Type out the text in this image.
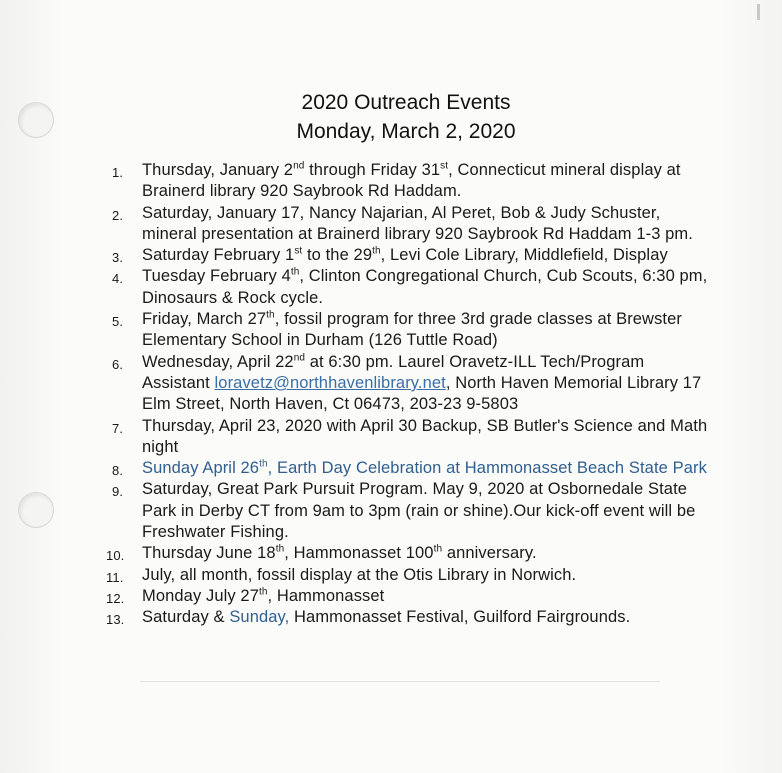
2020 Outreach Events
Monday, March 2, 2020
1. Thursday, January 2nd through Friday 31st, Connecticut mineral display at Brainerd library 920 Saybrook Rd Haddam.
2. Saturday, January 17, Nancy Najarian, Al Peret, Bob & Judy Schuster, mineral presentation at Brainerd library 920 Saybrook Rd Haddam 1-3 pm.
3. Saturday February 1st to the 29th, Levi Cole Library, Middlefield, Display
4. Tuesday February 4th, Clinton Congregational Church, Cub Scouts, 6:30 pm, Dinosaurs & Rock cycle.
5. Friday, March 27th, fossil program for three 3rd grade classes at Brewster Elementary School in Durham (126 Tuttle Road)
6. Wednesday, April 22nd at 6:30 pm. Laurel Oravetz-ILL Tech/Program Assistant loravetz@northhavenlibrary.net, North Haven Memorial Library 17 Elm Street, North Haven, Ct 06473, 203-23 9-5803
7. Thursday, April 23, 2020 with April 30 Backup, SB Butler's Science and Math night
8. Sunday April 26th, Earth Day Celebration at Hammonasset Beach State Park
9. Saturday, Great Park Pursuit Program. May 9, 2020 at Osbornedale State Park in Derby CT from 9am to 3pm (rain or shine).Our kick-off event will be Freshwater Fishing.
10. Thursday June 18th, Hammonasset 100th anniversary.
11. July, all month, fossil display at the Otis Library in Norwich.
12. Monday July 27th, Hammonasset
13. Saturday & Sunday, Hammonasset Festival, Guilford Fairgrounds.
